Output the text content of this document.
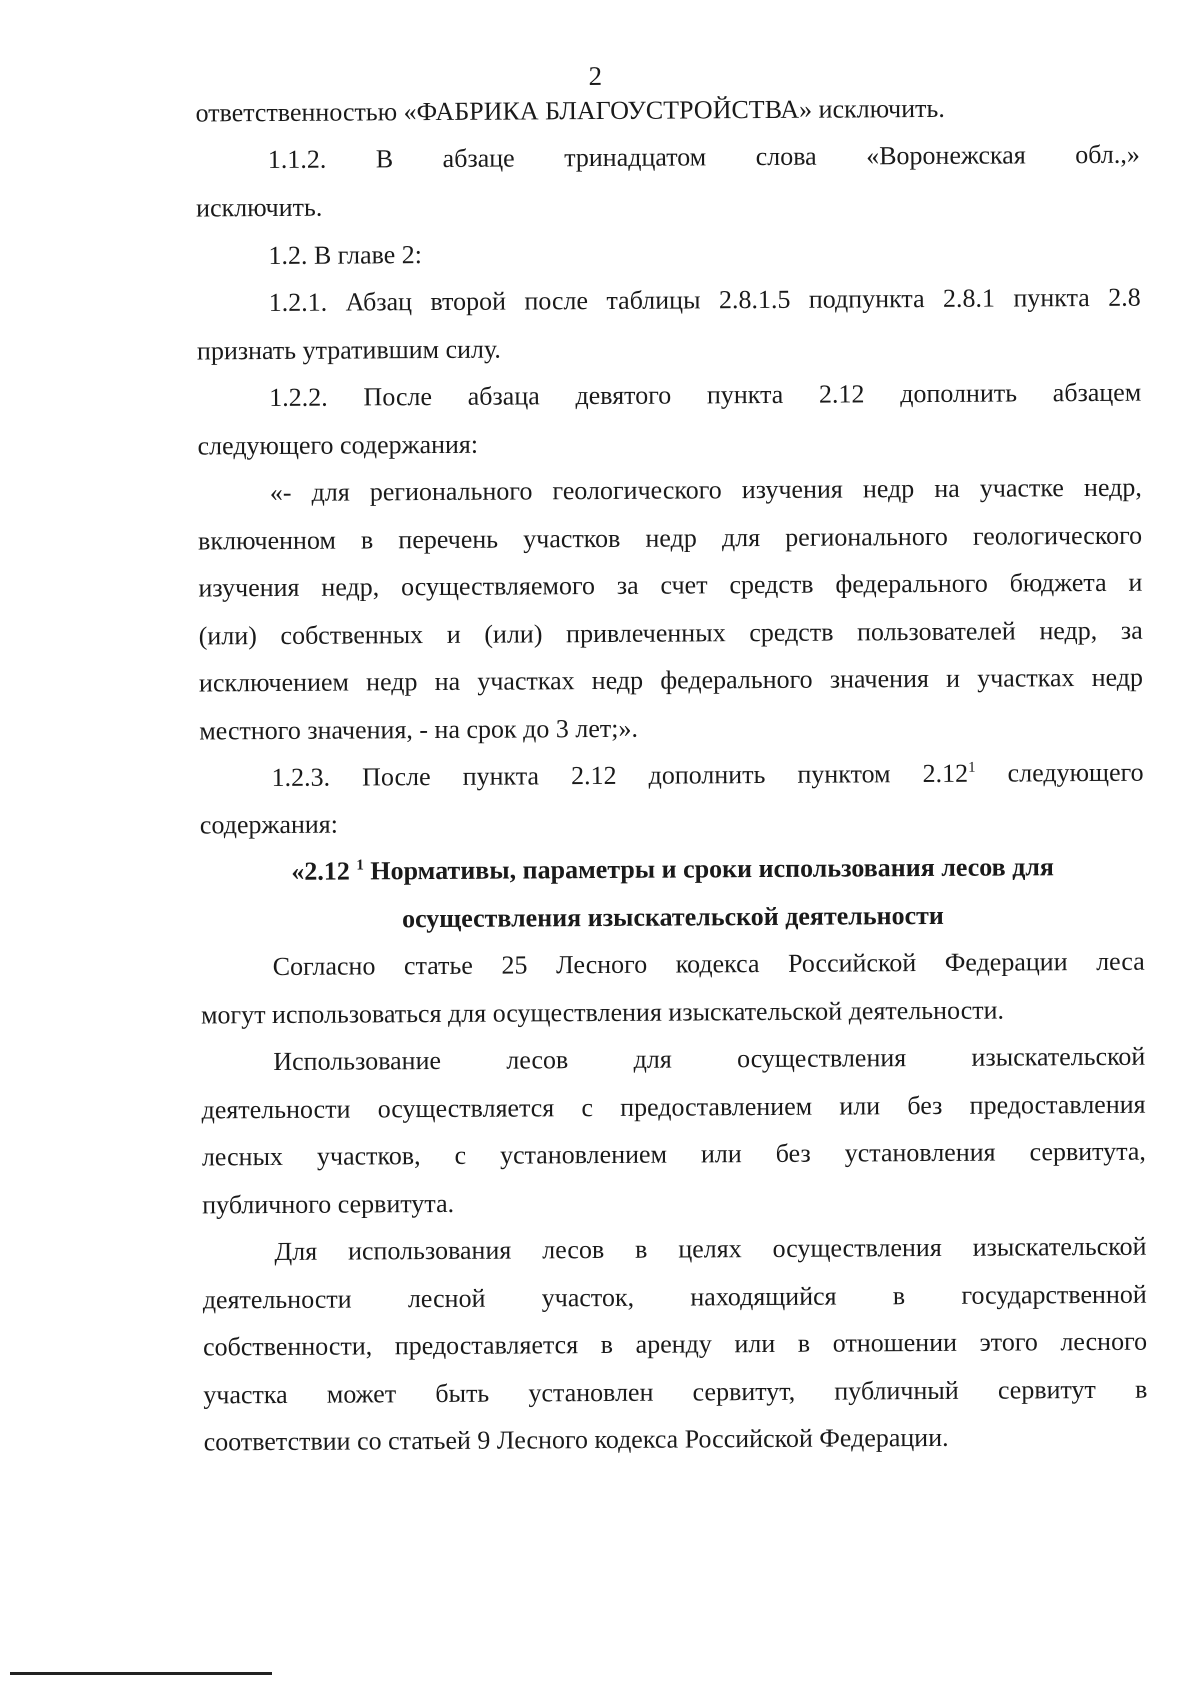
2
ответственностью «ФАБРИКА БЛАГОУСТРОЙСТВА» исключить.
1.1.2. В абзаце тринадцатом слова «Воронежская обл.,»
исключить.
1.2. В главе 2:
1.2.1. Абзац второй после таблицы 2.8.1.5 подпункта 2.8.1 пункта 2.8
признать утратившим силу.
1.2.2. После абзаца девятого пункта 2.12 дополнить абзацем
следующего содержания:
«- для регионального геологического изучения недр на участке недр,
включенном в перечень участков недр для регионального геологического
изучения недр, осуществляемого за счет средств федерального бюджета и
(или) собственных и (или) привлеченных средств пользователей недр, за
исключением недр на участках недр федерального значения и участках недр
местного значения, - на срок до 3 лет;».
1.2.3. После пункта 2.12 дополнить пунктом 2.12$^1$ следующего
содержания:
«2.12 $^1$ Нормативы, параметры и сроки использования лесов для
осуществления изыскательской деятельности
Согласно статье 25 Лесного кодекса Российской Федерации леса
могут использоваться для осуществления изыскательской деятельности.
Использование лесов для осуществления изыскательской
деятельности осуществляется с предоставлением или без предоставления
лесных участков, с установлением или без установления сервитута,
публичного сервитута.
Для использования лесов в целях осуществления изыскательской
деятельности лесной участок, находящийся в государственной
собственности, предоставляется в аренду или в отношении этого лесного
участка может быть установлен сервитут, публичный сервитут в
соответствии со статьей 9 Лесного кодекса Российской Федерации.
